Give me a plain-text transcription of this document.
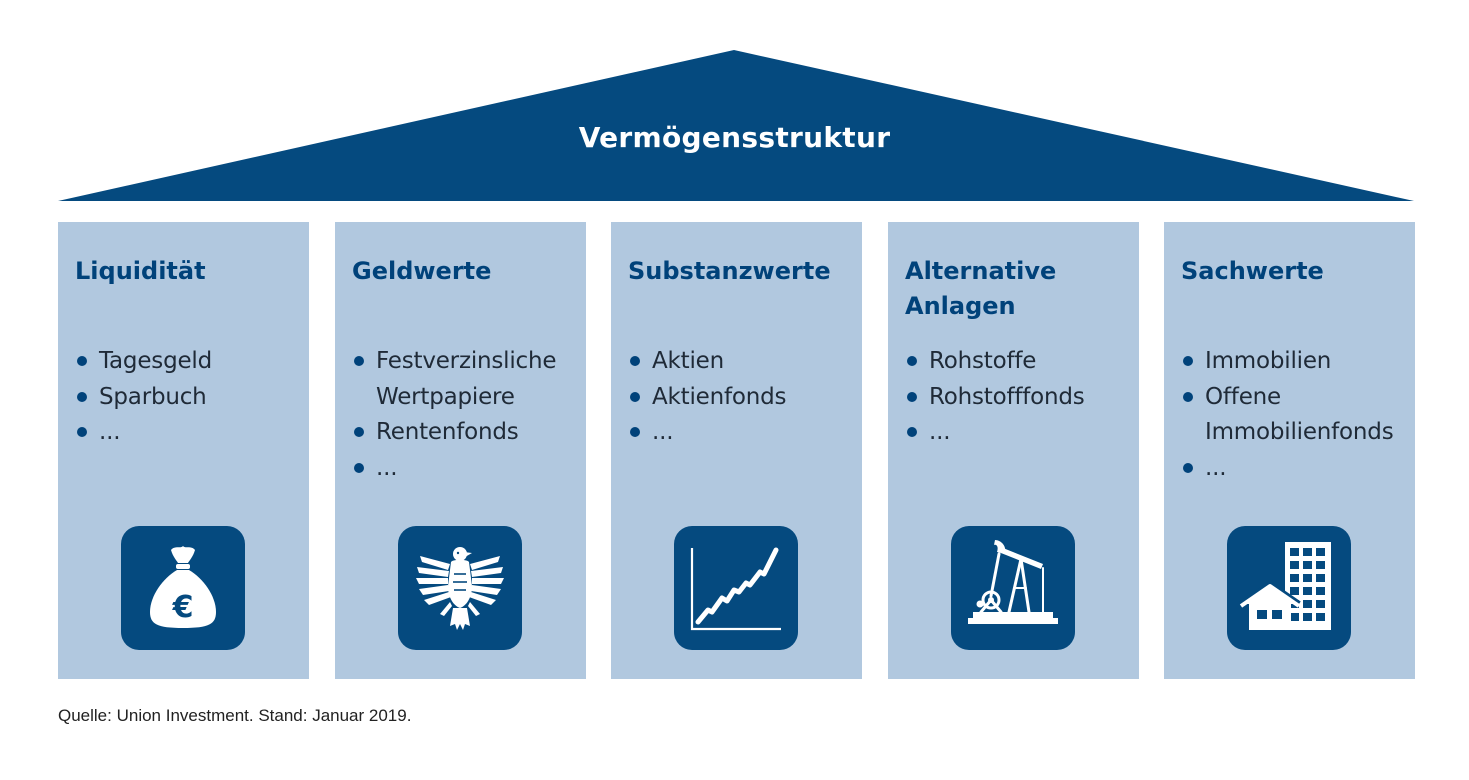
Vermögensstruktur
Liquidität
Tagesgeld
Sparbuch
...
€
Geldwerte
Festverzinsliche Wertpapiere
Rentenfonds
...
Substanzwerte
Aktien
Aktienfonds
...
Alternative Anlagen
Rohstoffe
Rohstofffonds
...
Sachwerte
Immobilien
Offene Immobilienfonds
...
Quelle: Union Investment. Stand: Januar 2019.
